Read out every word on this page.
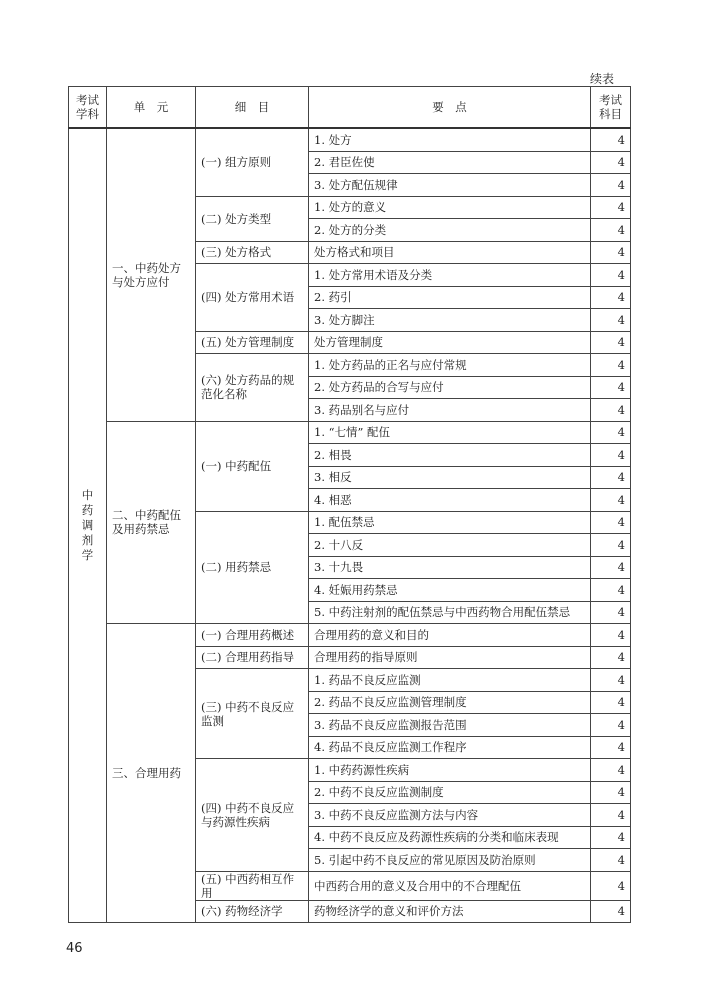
续表
考试学科	单　元	细　目	要　点	考试科目
中药调剂学	一、中药处方与处方应付	(一) 组方原则	1. 处方	4
			2. 君臣佐使	4
			3. 处方配伍规律	4
		(二) 处方类型	1. 处方的意义	4
			2. 处方的分类	4
		(三) 处方格式	处方格式和项目	4
		(四) 处方常用术语	1. 处方常用术语及分类	4
			2. 药引	4
			3. 处方脚注	4
		(五) 处方管理制度	处方管理制度	4
		(六) 处方药品的规范化名称	1. 处方药品的正名与应付常规	4
			2. 处方药品的合写与应付	4
			3. 药品别名与应付	4
	二、中药配伍及用药禁忌	(一) 中药配伍	1. “七情” 配伍	4
			2. 相畏	4
			3. 相反	4
			4. 相恶	4
		(二) 用药禁忌	1. 配伍禁忌	4
			2. 十八反	4
			3. 十九畏	4
			4. 妊娠用药禁忌	4
			5. 中药注射剂的配伍禁忌与中西药物合用配伍禁忌	4
	三、合理用药	(一) 合理用药概述	合理用药的意义和目的	4
		(二) 合理用药指导	合理用药的指导原则	4
		(三) 中药不良反应监测	1. 药品不良反应监测	4
			2. 药品不良反应监测管理制度	4
			3. 药品不良反应监测报告范围	4
			4. 药品不良反应监测工作程序	4
		(四) 中药不良反应与药源性疾病	1. 中药药源性疾病	4
			2. 中药不良反应监测制度	4
			3. 中药不良反应监测方法与内容	4
			4. 中药不良反应及药源性疾病的分类和临床表现	4
			5. 引起中药不良反应的常见原因及防治原则	4
		(五) 中西药相互作用	中西药合用的意义及合用中的不合理配伍	4
		(六) 药物经济学	药物经济学的意义和评价方法	4
46
